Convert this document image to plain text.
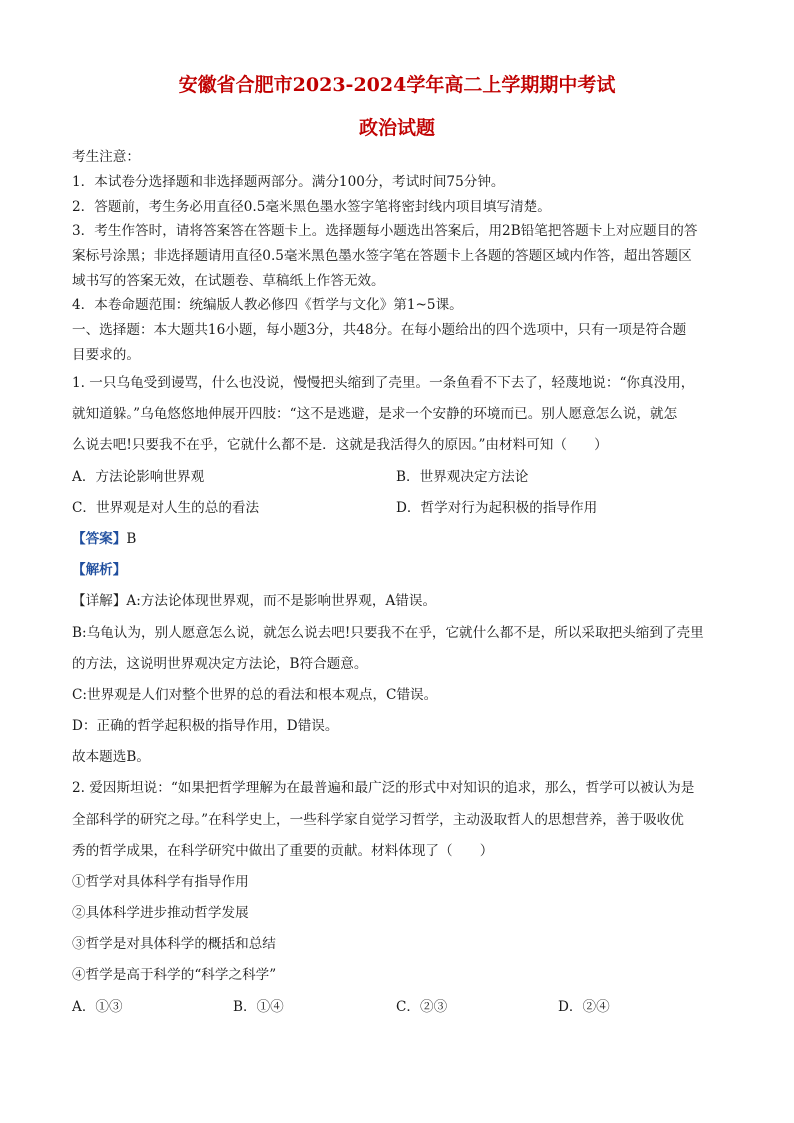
安徽省合肥市2023-2024学年高二上学期期中考试
政治试题
考生注意：
1．本试卷分选择题和非选择题两部分。满分100分，考试时间75分钟。
2．答题前，考生务必用直径0.5毫米黑色墨水签字笔将密封线内项目填写清楚。
3．考生作答时，请将答案答在答题卡上。选择题每小题选出答案后，用2B铅笔把答题卡上对应题目的答
案标号涂黑；非选择题请用直径0.5毫米黑色墨水签字笔在答题卡上各题的答题区域内作答，超出答题区
域书写的答案无效，在试题卷、草稿纸上作答无效。
4．本卷命题范围：统编版人教必修四《哲学与文化》第1~5课。
一、选择题：本大题共16小题，每小题3分，共48分。在每小题给出的四个选项中，只有一项是符合题
目要求的。
1. 一只乌龟受到谩骂，什么也没说，慢慢把头缩到了壳里。一条鱼看不下去了，轻蔑地说：“你真没用，
就知道躲。”乌龟悠悠地伸展开四肢：“这不是逃避，是求一个安静的环境而已。别人愿意怎么说，就怎
么说去吧!只要我不在乎，它就什么都不是．这就是我活得久的原因。”由材料可知（　　）
A．方法论影响世界观	B．世界观决定方法论
C．世界观是对人生的总的看法	D．哲学对行为起积极的指导作用
【答案】B
【解析】
【详解】A:方法论体现世界观，而不是影响世界观，A错误。
B:乌龟认为，别人愿意怎么说，就怎么说去吧!只要我不在乎，它就什么都不是，所以采取把头缩到了壳里
的方法，这说明世界观决定方法论，B符合题意。
C:世界观是人们对整个世界的总的看法和根本观点，C错误。
D：正确的哲学起积极的指导作用，D错误。
故本题选B。
2. 爱因斯坦说：“如果把哲学理解为在最普遍和最广泛的形式中对知识的追求，那么，哲学可以被认为是
全部科学的研究之母。”在科学史上，一些科学家自觉学习哲学，主动汲取哲人的思想营养，善于吸收优
秀的哲学成果，在科学研究中做出了重要的贡献。材料体现了（　　）
①哲学对具体科学有指导作用
②具体科学进步推动哲学发展
③哲学是对具体科学的概括和总结
④哲学是高于科学的“科学之科学”
A．①③	B．①④	C．②③	D．②④
